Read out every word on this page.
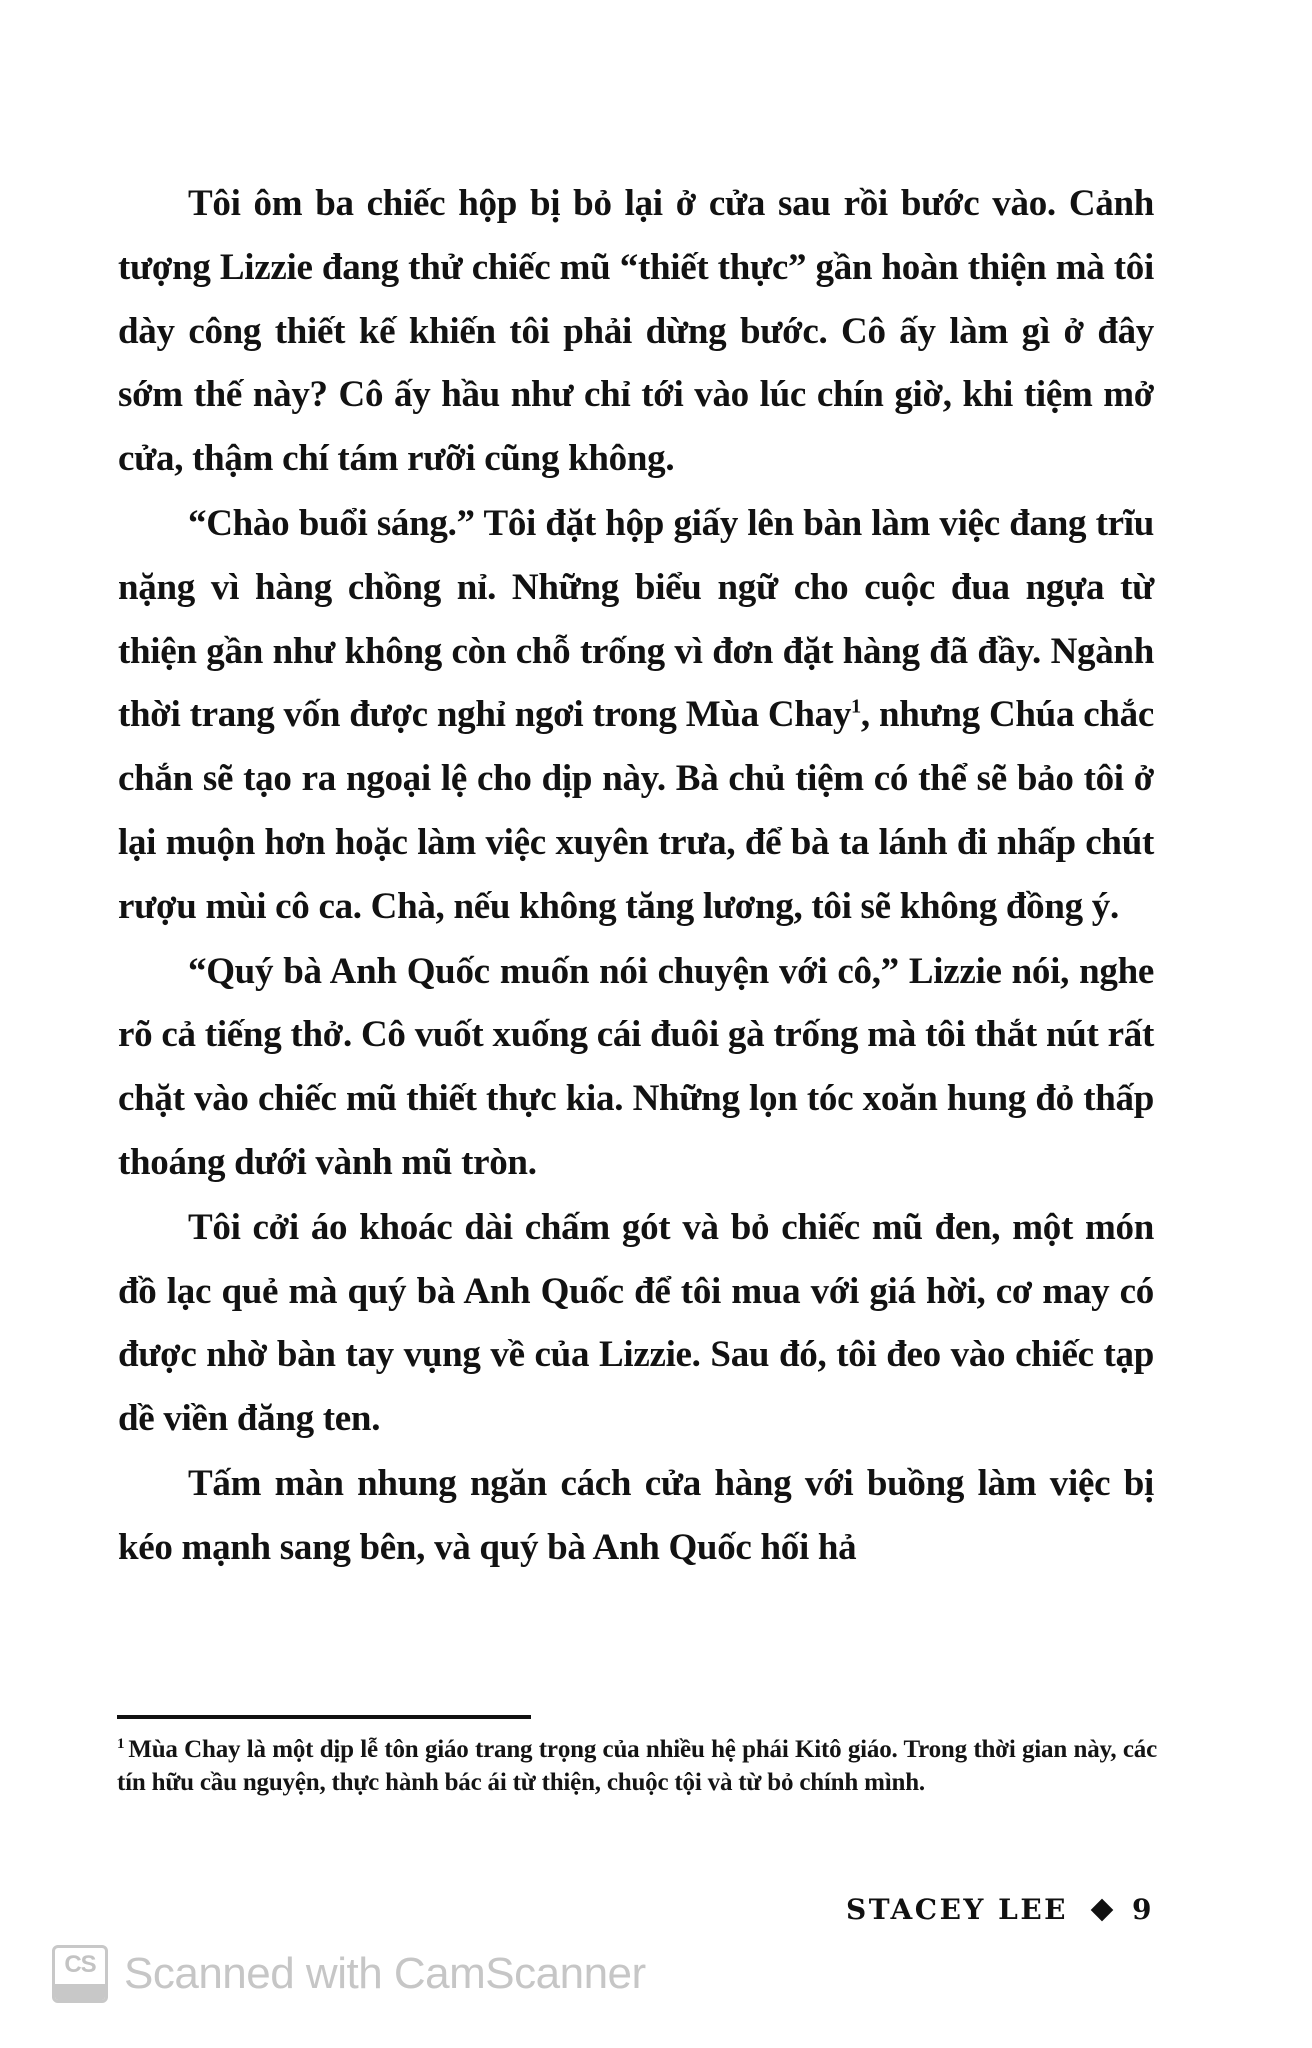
Tôi ôm ba chiếc hộp bị bỏ lại ở cửa sau rồi bước vào. Cảnh tượng Lizzie đang thử chiếc mũ “thiết thực” gần hoàn thiện mà tôi dày công thiết kế khiến tôi phải dừng bước. Cô ấy làm gì ở đây sớm thế này? Cô ấy hầu như chỉ tới vào lúc chín giờ, khi tiệm mở cửa, thậm chí tám rưỡi cũng không.

“Chào buổi sáng.” Tôi đặt hộp giấy lên bàn làm việc đang trĩu nặng vì hàng chồng nỉ. Những biểu ngữ cho cuộc đua ngựa từ thiện gần như không còn chỗ trống vì đơn đặt hàng đã đầy. Ngành thời trang vốn được nghỉ ngơi trong Mùa Chay$^1$, nhưng Chúa chắc chắn sẽ tạo ra ngoại lệ cho dịp này. Bà chủ tiệm có thể sẽ bảo tôi ở lại muộn hơn hoặc làm việc xuyên trưa, để bà ta lánh đi nhấp chút rượu mùi cô ca. Chà, nếu không tăng lương, tôi sẽ không đồng ý.

“Quý bà Anh Quốc muốn nói chuyện với cô,” Lizzie nói, nghe rõ cả tiếng thở. Cô vuốt xuống cái đuôi gà trống mà tôi thắt nút rất chặt vào chiếc mũ thiết thực kia. Những lọn tóc xoăn hung đỏ thấp thoáng dưới vành mũ tròn.

Tôi cởi áo khoác dài chấm gót và bỏ chiếc mũ đen, một món đồ lạc quẻ mà quý bà Anh Quốc để tôi mua với giá hời, cơ may có được nhờ bàn tay vụng về của Lizzie. Sau đó, tôi đeo vào chiếc tạp dề viền đăng ten.

Tấm màn nhung ngăn cách cửa hàng với buồng làm việc bị kéo mạnh sang bên, và quý bà Anh Quốc hối hả

$^1$ Mùa Chay là một dịp lễ tôn giáo trang trọng của nhiều hệ phái Kitô giáo. Trong thời gian này, các tín hữu cầu nguyện, thực hành bác ái từ thiện, chuộc tội và từ bỏ chính mình.
STACEY LEE 9
CS Scanned with CamScanner
